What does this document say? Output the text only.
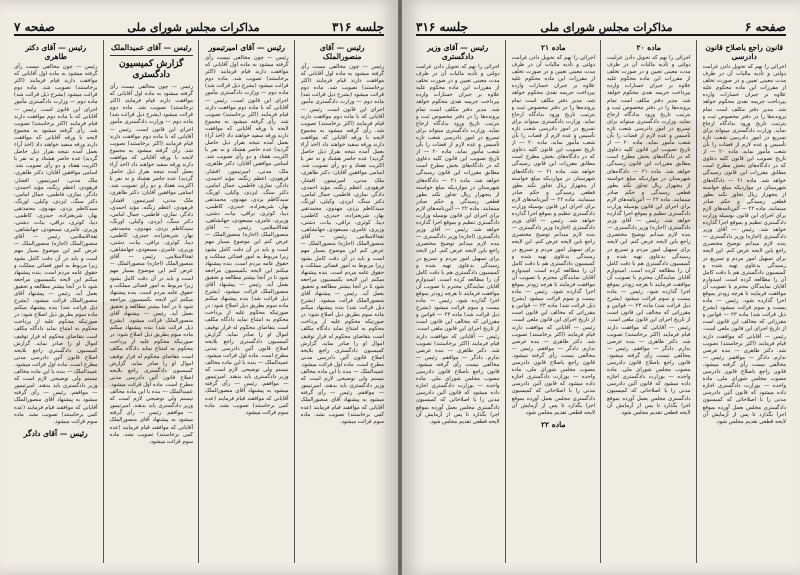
جلسه ۳۱۶
مذاکرات مجلس شورای ملی
صفحه ۷
رئیس — آقای منصورالملک

رئیس — چون مخالفی نیست رأی گرفته میشود به ماده اول آقایانی که موافقت دارند قیام فرمایند (اکثر برخاستند) تصویب شد. ماده دوم قرائت میشود (بشرح ذیل قرائت شد) ماده دوم — وزارت دادگستری مأمور اجرای این قانون است. رئیس — آقایانی که با ماده دوم موافقت دارند قیام فرمایند (اکثر برخاستند) تصویب شد. رأی گرفته میشود به مجموع لایحه با ورقه آقایانی که موافقت دارند ورقه سفید خواهند داد (اخذ آراء بعمل آمده نتیجه بقرار ذیل حاصل گردید) عده حاضر هشتاد و نه نفر با اکثریت هفتاد و دو رأی تصویب شد. اسامی موافقین آقایان: دکتر طاهری، ملک مدنی، امیرتیمور، افشار، فرهودی، اعظم زنگنه، مؤید احمدی، دادگر، نمازی، فاطمی، جمال امامی، دکتر سنگ، ایزدی، وکیلی، اورنگ، سیدکاظم یزدی، مهدوی، محمدتقی بهار، شریعتزاده، حیدری، کاظمی، دیبا، کوثری، نراقی، بیات، دشتی، وزیری، عامری، مسعودی، جهانشاهی، ثقةالاسلامی. رئیس — آقای منصورالملک (اجازه) منصورالملک — عرض کنم این موضوع بسیار مهم است و باید در آن دقت کامل بشود زیرا مربوط به امور قضائی مملکت و حقوق عامه مردم است. بنده پیشنهاد میکنم این لایحه بکمیسیون مراجعه شود تا در آنجا بیشتر مطالعه و تحقیق بعمل آید. رئیس — پیشنهاد آقای منصورالملک قرائت میشود. (بشرح ذیل قرائت شد) بنده پیشنهاد میکنم ماده سوم بطریق ذیل اصلاح شود: در صورتیکه محکوم علیه از پرداخت محکوم به امتناع نماید دادگاه مکلف است بتقاضای محکوم له قرار توقیف اموال او را صادر نماید. گزارش کمیسیون دادگستری راجع بلایحه اصلاح قانون آئین دادرسی مدنی مطرح است. ماده اول قرائت میشود. عمیدالملک — بنده با این ماده مخالف نیستم ولی توضیحی لازم است که وزیر دادگستری باید بدهند. امیرتیمور — موافقم. رئیس — رأی گرفته میشود به پیشنهاد آقای منصورالملک آقایانی که موافقند قیام فرمایند (عده کمی برخاستند) تصویب نشد. ماده سوم قرائت میشود.

رئیس — آقای امیرتیمور

رئیس — چون مخالفی نیست رأی گرفته میشود به ماده اول آقایانی که موافقت دارند قیام فرمایند (اکثر برخاستند) تصویب شد. ماده دوم قرائت میشود (بشرح ذیل قرائت شد) ماده دوم — وزارت دادگستری مأمور اجرای این قانون است. رئیس — آقایانی که با ماده دوم موافقت دارند قیام فرمایند (اکثر برخاستند) تصویب شد. رأی گرفته میشود به مجموع لایحه با ورقه آقایانی که موافقت دارند ورقه سفید خواهند داد (اخذ آراء بعمل آمده نتیجه بقرار ذیل حاصل گردید) عده حاضر هشتاد و نه نفر با اکثریت هفتاد و دو رأی تصویب شد. اسامی موافقین آقایان: دکتر طاهری، ملک مدنی، امیرتیمور، افشار، فرهودی، اعظم زنگنه، مؤید احمدی، دادگر، نمازی، فاطمی، جمال امامی، دکتر سنگ، ایزدی، وکیلی، اورنگ، سیدکاظم یزدی، مهدوی، محمدتقی بهار، شریعتزاده، حیدری، کاظمی، دیبا، کوثری، نراقی، بیات، دشتی، وزیری، عامری، مسعودی، جهانشاهی، ثقةالاسلامی. رئیس — آقای منصورالملک (اجازه) منصورالملک — عرض کنم این موضوع بسیار مهم است و باید در آن دقت کامل بشود زیرا مربوط به امور قضائی مملکت و حقوق عامه مردم است. بنده پیشنهاد میکنم این لایحه بکمیسیون مراجعه شود تا در آنجا بیشتر مطالعه و تحقیق بعمل آید. رئیس — پیشنهاد آقای منصورالملک قرائت میشود. (بشرح ذیل قرائت شد) بنده پیشنهاد میکنم ماده سوم بطریق ذیل اصلاح شود: در صورتیکه محکوم علیه از پرداخت محکوم به امتناع نماید دادگاه مکلف است بتقاضای محکوم له قرار توقیف اموال او را صادر نماید. گزارش کمیسیون دادگستری راجع بلایحه اصلاح قانون آئین دادرسی مدنی مطرح است. ماده اول قرائت میشود. عمیدالملک — بنده با این ماده مخالف نیستم ولی توضیحی لازم است که وزیر دادگستری باید بدهند. امیرتیمور — موافقم. رئیس — رأی گرفته میشود به پیشنهاد آقای منصورالملک آقایانی که موافقند قیام فرمایند (عده کمی برخاستند) تصویب نشد. ماده سوم قرائت میشود.

رئیس — آقای عمیدالملک
گزارش کمیسیون دادگستری

رئیس — چون مخالفی نیست رأی گرفته میشود به ماده اول آقایانی که موافقت دارند قیام فرمایند (اکثر برخاستند) تصویب شد. ماده دوم قرائت میشود (بشرح ذیل قرائت شد) ماده دوم — وزارت دادگستری مأمور اجرای این قانون است. رئیس — آقایانی که با ماده دوم موافقت دارند قیام فرمایند (اکثر برخاستند) تصویب شد. رأی گرفته میشود به مجموع لایحه با ورقه آقایانی که موافقت دارند ورقه سفید خواهند داد (اخذ آراء بعمل آمده نتیجه بقرار ذیل حاصل گردید) عده حاضر هشتاد و نه نفر با اکثریت هفتاد و دو رأی تصویب شد. اسامی موافقین آقایان: دکتر طاهری، ملک مدنی، امیرتیمور، افشار، فرهودی، اعظم زنگنه، مؤید احمدی، دادگر، نمازی، فاطمی، جمال امامی، دکتر سنگ، ایزدی، وکیلی، اورنگ، سیدکاظم یزدی، مهدوی، محمدتقی بهار، شریعتزاده، حیدری، کاظمی، دیبا، کوثری، نراقی، بیات، دشتی، وزیری، عامری، مسعودی، جهانشاهی، ثقةالاسلامی. رئیس — آقای منصورالملک (اجازه) منصورالملک — عرض کنم این موضوع بسیار مهم است و باید در آن دقت کامل بشود زیرا مربوط به امور قضائی مملکت و حقوق عامه مردم است. بنده پیشنهاد میکنم این لایحه بکمیسیون مراجعه شود تا در آنجا بیشتر مطالعه و تحقیق بعمل آید. رئیس — پیشنهاد آقای منصورالملک قرائت میشود. (بشرح ذیل قرائت شد) بنده پیشنهاد میکنم ماده سوم بطریق ذیل اصلاح شود: در صورتیکه محکوم علیه از پرداخت محکوم به امتناع نماید دادگاه مکلف است بتقاضای محکوم له قرار توقیف اموال او را صادر نماید. گزارش کمیسیون دادگستری راجع بلایحه اصلاح قانون آئین دادرسی مدنی مطرح است. ماده اول قرائت میشود. عمیدالملک — بنده با این ماده مخالف نیستم ولی توضیحی لازم است که وزیر دادگستری باید بدهند. امیرتیمور — موافقم. رئیس — رأی گرفته میشود به پیشنهاد آقای منصورالملک آقایانی که موافقند قیام فرمایند (عده کمی برخاستند) تصویب نشد. ماده سوم قرائت میشود.

رئیس — آقای دکتر طاهری

رئیس — چون مخالفی نیست رأی گرفته میشود به ماده اول آقایانی که موافقت دارند قیام فرمایند (اکثر برخاستند) تصویب شد. ماده دوم قرائت میشود (بشرح ذیل قرائت شد) ماده دوم — وزارت دادگستری مأمور اجرای این قانون است. رئیس — آقایانی که با ماده دوم موافقت دارند قیام فرمایند (اکثر برخاستند) تصویب شد. رأی گرفته میشود به مجموع لایحه با ورقه آقایانی که موافقت دارند ورقه سفید خواهند داد (اخذ آراء بعمل آمده نتیجه بقرار ذیل حاصل گردید) عده حاضر هشتاد و نه نفر با اکثریت هفتاد و دو رأی تصویب شد. اسامی موافقین آقایان: دکتر طاهری، ملک مدنی، امیرتیمور، افشار، فرهودی، اعظم زنگنه، مؤید احمدی، دادگر، نمازی، فاطمی، جمال امامی، دکتر سنگ، ایزدی، وکیلی، اورنگ، سیدکاظم یزدی، مهدوی، محمدتقی بهار، شریعتزاده، حیدری، کاظمی، دیبا، کوثری، نراقی، بیات، دشتی، وزیری، عامری، مسعودی، جهانشاهی، ثقةالاسلامی. رئیس — آقای منصورالملک (اجازه) منصورالملک — عرض کنم این موضوع بسیار مهم است و باید در آن دقت کامل بشود زیرا مربوط به امور قضائی مملکت و حقوق عامه مردم است. بنده پیشنهاد میکنم این لایحه بکمیسیون مراجعه شود تا در آنجا بیشتر مطالعه و تحقیق بعمل آید. رئیس — پیشنهاد آقای منصورالملک قرائت میشود. (بشرح ذیل قرائت شد) بنده پیشنهاد میکنم ماده سوم بطریق ذیل اصلاح شود: در صورتیکه محکوم علیه از پرداخت محکوم به امتناع نماید دادگاه مکلف است بتقاضای محکوم له قرار توقیف اموال او را صادر نماید. گزارش کمیسیون دادگستری راجع بلایحه اصلاح قانون آئین دادرسی مدنی مطرح است. ماده اول قرائت میشود. عمیدالملک — بنده با این ماده مخالف نیستم ولی توضیحی لازم است که وزیر دادگستری باید بدهند. امیرتیمور — موافقم. رئیس — رأی گرفته میشود به پیشنهاد آقای منصورالملک آقایانی که موافقند قیام فرمایند (عده کمی برخاستند) تصویب نشد. ماده سوم قرائت میشود.

رئیس — آقای دادگر
صفحه ۶
مذاکرات مجلس شورای ملی
جلسه ۳۱۶
قانون راجع باصلاح قانون دادرسی

اجرائی را نهم که تحویل دادن غرامت دولتی و تأدیه مالیات آن در ظرف مدت معینی تعیین و در صورت تخلف از مقررات این ماده محکوم علیه علاوه بر جبران خسارات وارده بپرداخت جریمه نقدی محکوم خواهد شد. مدیر دفتر مکلف است تمام پرونده‌ها را در دفتر مخصوص ثبت و بترتیب تاریخ ورود بدادگاه ارجاع نماید. وزارت دادگستری میتواند برای تسریع در امور دادرسی شعب تازه تأسیس و عده لازم از قضات را بآن شعب مأمور نماید. ماده ۲۰ — از تاریخ تصویب این قانون کلیه دعاوی که در دادگاه‌های بخش مطرح است مطابق مقررات این قانون رسیدگی خواهد شد. ماده ۲۱ — دادگاه‌های شهرستان در مواردیکه مبلغ خواسته از پنجهزار ریال تجاوز نکند بطور قطعی رسیدگی و حکم صادر مینمایند. ماده ۲۲ — آئین‌نامه‌های لازم برای اجرای این قانون بوسیله وزارت دادگستری تنظیم و بموقع اجرا گذارده خواهد شد. رئیس — آقای وزیر دادگستری (اجازه) وزیر دادگستری — بنده لازم میدانم توضیح مختصری راجع باین لایحه عرض کنم. این لایحه برای تسهیل امور مردم و تسریع در رسیدگی بدعاوی تهیه شده و کمیسیون دادگستری هم با دقت کامل آن را مطالعه کرده است. امیدوارم آقایان نمایندگان محترم با تصویب آن موافقت فرمایند تا هرچه زودتر بموقع اجرا گذارده شود. رئیس — ماده بیست و سوم قرائت میشود (بشرح ذیل قرائت شد) ماده ۲۳ — قوانین و مقرراتی که مخالف این قانون است از تاریخ اجرای این قانون ملغی است. رئیس — آقایانی که موافقت دارند قیام فرمایند (اکثر برخاستند) تصویب شد. دکتر طاهری — بنده عرضی ندارم. دادگر — موافقم. رئیس — مخالفی نیست رأی گرفته میشود. قانون راجع باصلاح قانون دادرسی مصوب مجلس شورای ملی. ماده واحده — بوزارت دادگستری اجازه داده میشود که قانون آئین دادرسی مدنی را با اصلاحاتی که کمیسیون دادگستری مجلس بعمل آورده بموقع اجرا بگذارد تا پس از آزمایش آن لایحه قطعی تقدیم مجلس شود.

ماده ۲۰

اجرائی را نهم که تحویل دادن غرامت دولتی و تأدیه مالیات آن در ظرف مدت معینی تعیین و در صورت تخلف از مقررات این ماده محکوم علیه علاوه بر جبران خسارات وارده بپرداخت جریمه نقدی محکوم خواهد شد. مدیر دفتر مکلف است تمام پرونده‌ها را در دفتر مخصوص ثبت و بترتیب تاریخ ورود بدادگاه ارجاع نماید. وزارت دادگستری میتواند برای تسریع در امور دادرسی شعب تازه تأسیس و عده لازم از قضات را بآن شعب مأمور نماید. ماده ۲۰ — از تاریخ تصویب این قانون کلیه دعاوی که در دادگاه‌های بخش مطرح است مطابق مقررات این قانون رسیدگی خواهد شد. ماده ۲۱ — دادگاه‌های شهرستان در مواردیکه مبلغ خواسته از پنجهزار ریال تجاوز نکند بطور قطعی رسیدگی و حکم صادر مینمایند. ماده ۲۲ — آئین‌نامه‌های لازم برای اجرای این قانون بوسیله وزارت دادگستری تنظیم و بموقع اجرا گذارده خواهد شد. رئیس — آقای وزیر دادگستری (اجازه) وزیر دادگستری — بنده لازم میدانم توضیح مختصری راجع باین لایحه عرض کنم. این لایحه برای تسهیل امور مردم و تسریع در رسیدگی بدعاوی تهیه شده و کمیسیون دادگستری هم با دقت کامل آن را مطالعه کرده است. امیدوارم آقایان نمایندگان محترم با تصویب آن موافقت فرمایند تا هرچه زودتر بموقع اجرا گذارده شود. رئیس — ماده بیست و سوم قرائت میشود (بشرح ذیل قرائت شد) ماده ۲۳ — قوانین و مقرراتی که مخالف این قانون است از تاریخ اجرای این قانون ملغی است. رئیس — آقایانی که موافقت دارند قیام فرمایند (اکثر برخاستند) تصویب شد. دکتر طاهری — بنده عرضی ندارم. دادگر — موافقم. رئیس — مخالفی نیست رأی گرفته میشود. قانون راجع باصلاح قانون دادرسی مصوب مجلس شورای ملی. ماده واحده — بوزارت دادگستری اجازه داده میشود که قانون آئین دادرسی مدنی را با اصلاحاتی که کمیسیون دادگستری مجلس بعمل آورده بموقع اجرا بگذارد تا پس از آزمایش آن لایحه قطعی تقدیم مجلس شود.

ماده ۲۱

اجرائی را نهم که تحویل دادن غرامت دولتی و تأدیه مالیات آن در ظرف مدت معینی تعیین و در صورت تخلف از مقررات این ماده محکوم علیه علاوه بر جبران خسارات وارده بپرداخت جریمه نقدی محکوم خواهد شد. مدیر دفتر مکلف است تمام پرونده‌ها را در دفتر مخصوص ثبت و بترتیب تاریخ ورود بدادگاه ارجاع نماید. وزارت دادگستری میتواند برای تسریع در امور دادرسی شعب تازه تأسیس و عده لازم از قضات را بآن شعب مأمور نماید. ماده ۲۰ — از تاریخ تصویب این قانون کلیه دعاوی که در دادگاه‌های بخش مطرح است مطابق مقررات این قانون رسیدگی خواهد شد. ماده ۲۱ — دادگاه‌های شهرستان در مواردیکه مبلغ خواسته از پنجهزار ریال تجاوز نکند بطور قطعی رسیدگی و حکم صادر مینمایند. ماده ۲۲ — آئین‌نامه‌های لازم برای اجرای این قانون بوسیله وزارت دادگستری تنظیم و بموقع اجرا گذارده خواهد شد. رئیس — آقای وزیر دادگستری (اجازه) وزیر دادگستری — بنده لازم میدانم توضیح مختصری راجع باین لایحه عرض کنم. این لایحه برای تسهیل امور مردم و تسریع در رسیدگی بدعاوی تهیه شده و کمیسیون دادگستری هم با دقت کامل آن را مطالعه کرده است. امیدوارم آقایان نمایندگان محترم با تصویب آن موافقت فرمایند تا هرچه زودتر بموقع اجرا گذارده شود. رئیس — ماده بیست و سوم قرائت میشود (بشرح ذیل قرائت شد) ماده ۲۳ — قوانین و مقرراتی که مخالف این قانون است از تاریخ اجرای این قانون ملغی است. رئیس — آقایانی که موافقت دارند قیام فرمایند (اکثر برخاستند) تصویب شد. دکتر طاهری — بنده عرضی ندارم. دادگر — موافقم. رئیس — مخالفی نیست رأی گرفته میشود. قانون راجع باصلاح قانون دادرسی مصوب مجلس شورای ملی. ماده واحده — بوزارت دادگستری اجازه داده میشود که قانون آئین دادرسی مدنی را با اصلاحاتی که کمیسیون دادگستری مجلس بعمل آورده بموقع اجرا بگذارد تا پس از آزمایش آن لایحه قطعی تقدیم مجلس شود.

ماده ۲۲
رئیس — آقای وزیر دادگستری

اجرائی را نهم که تحویل دادن غرامت دولتی و تأدیه مالیات آن در ظرف مدت معینی تعیین و در صورت تخلف از مقررات این ماده محکوم علیه علاوه بر جبران خسارات وارده بپرداخت جریمه نقدی محکوم خواهد شد. مدیر دفتر مکلف است تمام پرونده‌ها را در دفتر مخصوص ثبت و بترتیب تاریخ ورود بدادگاه ارجاع نماید. وزارت دادگستری میتواند برای تسریع در امور دادرسی شعب تازه تأسیس و عده لازم از قضات را بآن شعب مأمور نماید. ماده ۲۰ — از تاریخ تصویب این قانون کلیه دعاوی که در دادگاه‌های بخش مطرح است مطابق مقررات این قانون رسیدگی خواهد شد. ماده ۲۱ — دادگاه‌های شهرستان در مواردیکه مبلغ خواسته از پنجهزار ریال تجاوز نکند بطور قطعی رسیدگی و حکم صادر مینمایند. ماده ۲۲ — آئین‌نامه‌های لازم برای اجرای این قانون بوسیله وزارت دادگستری تنظیم و بموقع اجرا گذارده خواهد شد. رئیس — آقای وزیر دادگستری (اجازه) وزیر دادگستری — بنده لازم میدانم توضیح مختصری راجع باین لایحه عرض کنم. این لایحه برای تسهیل امور مردم و تسریع در رسیدگی بدعاوی تهیه شده و کمیسیون دادگستری هم با دقت کامل آن را مطالعه کرده است. امیدوارم آقایان نمایندگان محترم با تصویب آن موافقت فرمایند تا هرچه زودتر بموقع اجرا گذارده شود. رئیس — ماده بیست و سوم قرائت میشود (بشرح ذیل قرائت شد) ماده ۲۳ — قوانین و مقرراتی که مخالف این قانون است از تاریخ اجرای این قانون ملغی است. رئیس — آقایانی که موافقت دارند قیام فرمایند (اکثر برخاستند) تصویب شد. دکتر طاهری — بنده عرضی ندارم. دادگر — موافقم. رئیس — مخالفی نیست رأی گرفته میشود. قانون راجع باصلاح قانون دادرسی مصوب مجلس شورای ملی. ماده واحده — بوزارت دادگستری اجازه داده میشود که قانون آئین دادرسی مدنی را با اصلاحاتی که کمیسیون دادگستری مجلس بعمل آورده بموقع اجرا بگذارد تا پس از آزمایش آن لایحه قطعی تقدیم مجلس شود.
